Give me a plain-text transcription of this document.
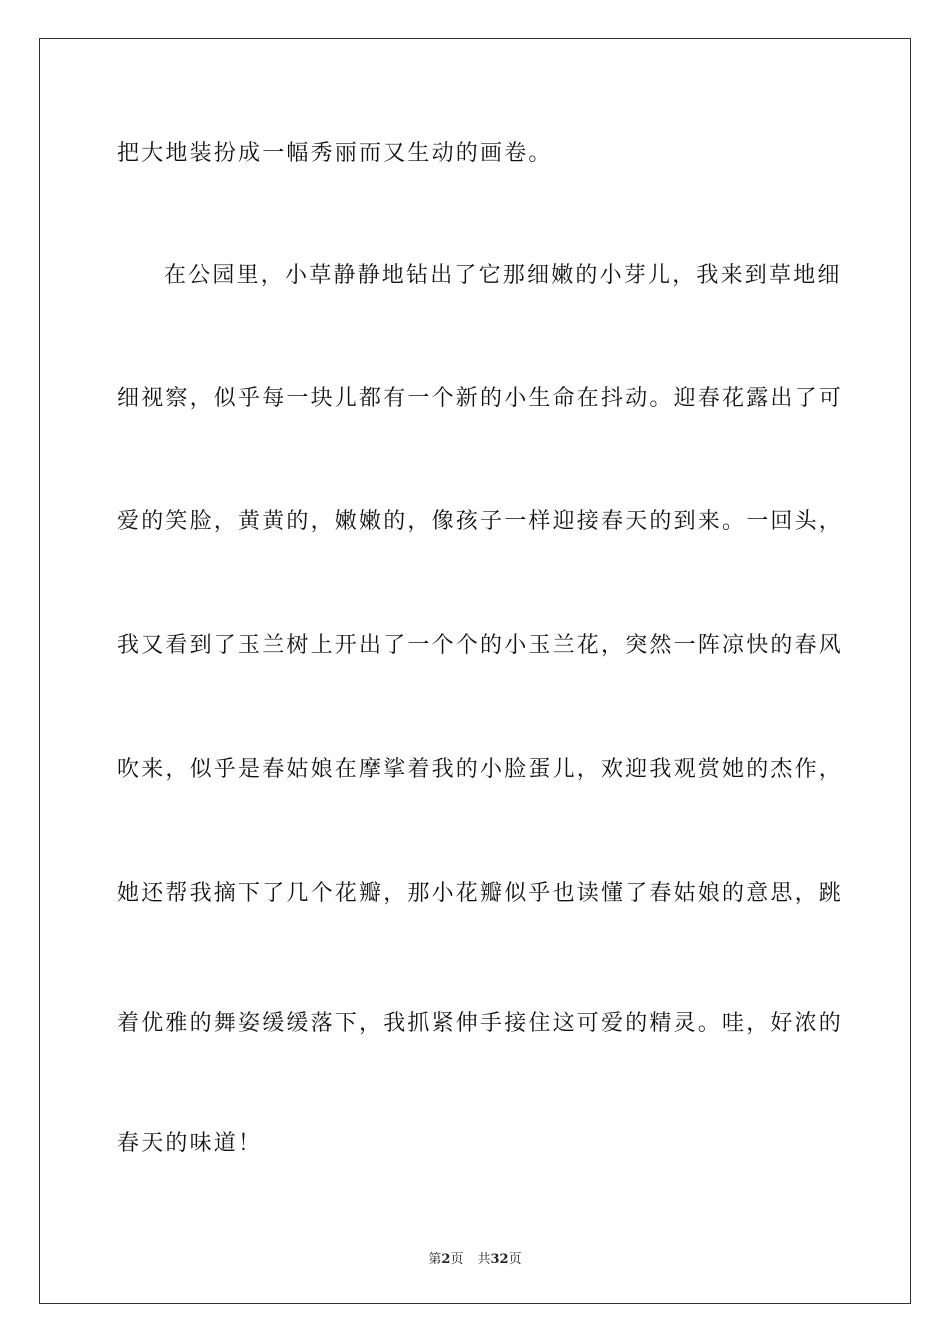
把大地装扮成一幅秀丽而又生动的画卷。
在公园里，小草静静地钻出了它那细嫩的小芽儿，我来到草地细
细视察，似乎每一块儿都有一个新的小生命在抖动。迎春花露出了可
爱的笑脸，黄黄的，嫩嫩的，像孩子一样迎接春天的到来。一回头，
我又看到了玉兰树上开出了一个个的小玉兰花，突然一阵凉快的春风
吹来，似乎是春姑娘在摩挲着我的小脸蛋儿，欢迎我观赏她的杰作，
她还帮我摘下了几个花瓣，那小花瓣似乎也读懂了春姑娘的意思，跳
着优雅的舞姿缓缓落下，我抓紧伸手接住这可爱的精灵。哇，好浓的
春天的味道！
第2页 共32页
